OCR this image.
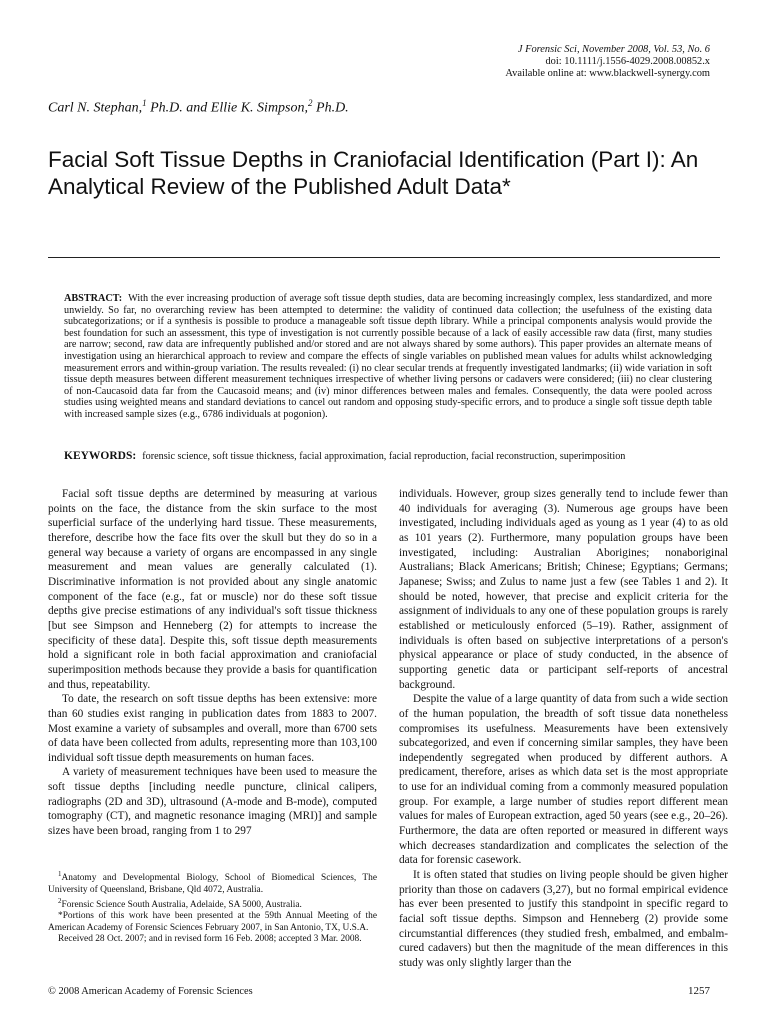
J Forensic Sci, November 2008, Vol. 53, No. 6
doi: 10.1111/j.1556-4029.2008.00852.x
Available online at: www.blackwell-synergy.com
Carl N. Stephan,$^1$ Ph.D. and Ellie K. Simpson,$^2$ Ph.D.
Facial Soft Tissue Depths in Craniofacial Identification (Part I): An Analytical Review of the Published Adult Data*
ABSTRACT: With the ever increasing production of average soft tissue depth studies, data are becoming increasingly complex, less standardized, and more unwieldy. So far, no overarching review has been attempted to determine: the validity of continued data collection; the usefulness of the existing data subcategorizations; or if a synthesis is possible to produce a manageable soft tissue depth library. While a principal components analysis would provide the best foundation for such an assessment, this type of investigation is not currently possible because of a lack of easily accessible raw data (first, many studies are narrow; second, raw data are infrequently published and/or stored and are not always shared by some authors). This paper provides an alternate means of investigation using an hierarchical approach to review and compare the effects of single variables on published mean values for adults whilst acknowledging measurement errors and within-group variation. The results revealed: (i) no clear secular trends at frequently investigated landmarks; (ii) wide variation in soft tissue depth measures between different measurement techniques irrespective of whether living persons or cadavers were considered; (iii) no clear clustering of non-Caucasoid data far from the Caucasoid means; and (iv) minor differences between males and females. Consequently, the data were pooled across studies using weighted means and standard deviations to cancel out random and opposing study-specific errors, and to produce a single soft tissue depth table with increased sample sizes (e.g., 6786 individuals at pogonion).
KEYWORDS: forensic science, soft tissue thickness, facial approximation, facial reproduction, facial reconstruction, superimposition

Facial soft tissue depths are determined by measuring at various points on the face, the distance from the skin surface to the most superficial surface of the underlying hard tissue. These measurements, therefore, describe how the face fits over the skull but they do so in a general way because a variety of organs are encompassed in any single measurement and mean values are generally calculated (1). Discriminative information is not provided about any single anatomic component of the face (e.g., fat or muscle) nor do these soft tissue depths give precise estimations of any individual's soft tissue thickness [but see Simpson and Henneberg (2) for attempts to increase the specificity of these data]. Despite this, soft tissue depth measurements hold a significant role in both facial approximation and craniofacial superimposition methods because they provide a basis for quantification and thus, repeatability.

To date, the research on soft tissue depths has been extensive: more than 60 studies exist ranging in publication dates from 1883 to 2007. Most examine a variety of subsamples and overall, more than 6700 sets of data have been collected from adults, representing more than 103,100 individual soft tissue depth measurements on human faces.

A variety of measurement techniques have been used to measure the soft tissue depths [including needle puncture, clinical calipers, radiographs (2D and 3D), ultrasound (A-mode and B-mode), computed tomography (CT), and magnetic resonance imaging (MRI)] and sample sizes have been broad, ranging from 1 to 297

individuals. However, group sizes generally tend to include fewer than 40 individuals for averaging (3). Numerous age groups have been investigated, including individuals aged as young as 1 year (4) to as old as 101 years (2). Furthermore, many population groups have been investigated, including: Australian Aborigines; nonaboriginal Australians; Black Americans; British; Chinese; Egyptians; Germans; Japanese; Swiss; and Zulus to name just a few (see Tables 1 and 2). It should be noted, however, that precise and explicit criteria for the assignment of individuals to any one of these population groups is rarely established or meticulously enforced (5–19). Rather, assignment of individuals is often based on subjective interpretations of a person's physical appearance or place of study conducted, in the absence of supporting genetic data or participant self-reports of ancestral background.

Despite the value of a large quantity of data from such a wide section of the human population, the breadth of soft tissue data nonetheless compromises its usefulness. Measurements have been extensively subcategorized, and even if concerning similar samples, they have been independently segregated when produced by different authors. A predicament, therefore, arises as which data set is the most appropriate to use for an individual coming from a commonly measured population group. For example, a large number of studies report different mean values for males of European extraction, aged 50 years (see e.g., 20–26). Furthermore, the data are often reported or measured in different ways which decreases standardization and complicates the selection of the data for forensic casework.

It is often stated that studies on living people should be given higher priority than those on cadavers (3,27), but no formal empirical evidence has ever been presented to justify this standpoint in specific regard to facial soft tissue depths. Simpson and Henneberg (2) provide some circumstantial differences (they studied fresh, embalmed, and embalm-cured cadavers) but then the magnitude of the mean differences in this study was only slightly larger than the

$^1$Anatomy and Developmental Biology, School of Biomedical Sciences, The University of Queensland, Brisbane, Qld 4072, Australia.

$^2$Forensic Science South Australia, Adelaide, SA 5000, Australia.

*Portions of this work have been presented at the 59th Annual Meeting of the American Academy of Forensic Sciences February 2007, in San Antonio, TX, U.S.A.

Received 28 Oct. 2007; and in revised form 16 Feb. 2008; accepted 3 Mar. 2008.

© 2008 American Academy of Forensic Sciences	1257
